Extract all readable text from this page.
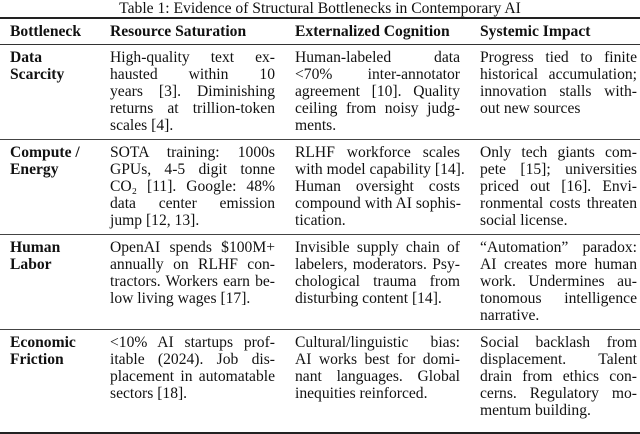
Table 1: Evidence of Structural Bottlenecks in Contemporary AI
Bottleneck	Resource Saturation	Externalized Cognition	Systemic Impact

Data
Scarcity	High-quality text ex-
hausted within 10
years [3]. Diminishing
returns at trillion-token
scales [4].	Human-labeled data
<70% inter-annotator
agreement [10]. Quality
ceiling from noisy judg-
ments.	Progress tied to finite
historical accumulation;
innovation stalls with-
out new sources

Compute /
Energy	SOTA training: 1000s
GPUs, 4-5 digit tonne
CO₂ [11]. Google: 48%
data center emission
jump [12, 13].	RLHF workforce scales
with model capability [14].
Human oversight costs
compound with AI sophis-
tication.	Only tech giants com-
pete [15]; universities
priced out [16]. Envi-
ronmental costs threaten
social license.

Human
Labor	OpenAI spends $100M+
annually on RLHF con-
tractors. Workers earn be-
low living wages [17].	Invisible supply chain of
labelers, moderators. Psy-
chological trauma from
disturbing content [14].	“Automation” paradox:
AI creates more human
work. Undermines au-
tonomous intelligence
narrative.

Economic
Friction	<10% AI startups prof-
itable (2024). Job dis-
placement in automatable
sectors [18].	Cultural/linguistic bias:
AI works best for domi-
nant languages. Global
inequities reinforced.	Social backlash from
displacement. Talent
drain from ethics con-
cerns. Regulatory mo-
mentum building.
